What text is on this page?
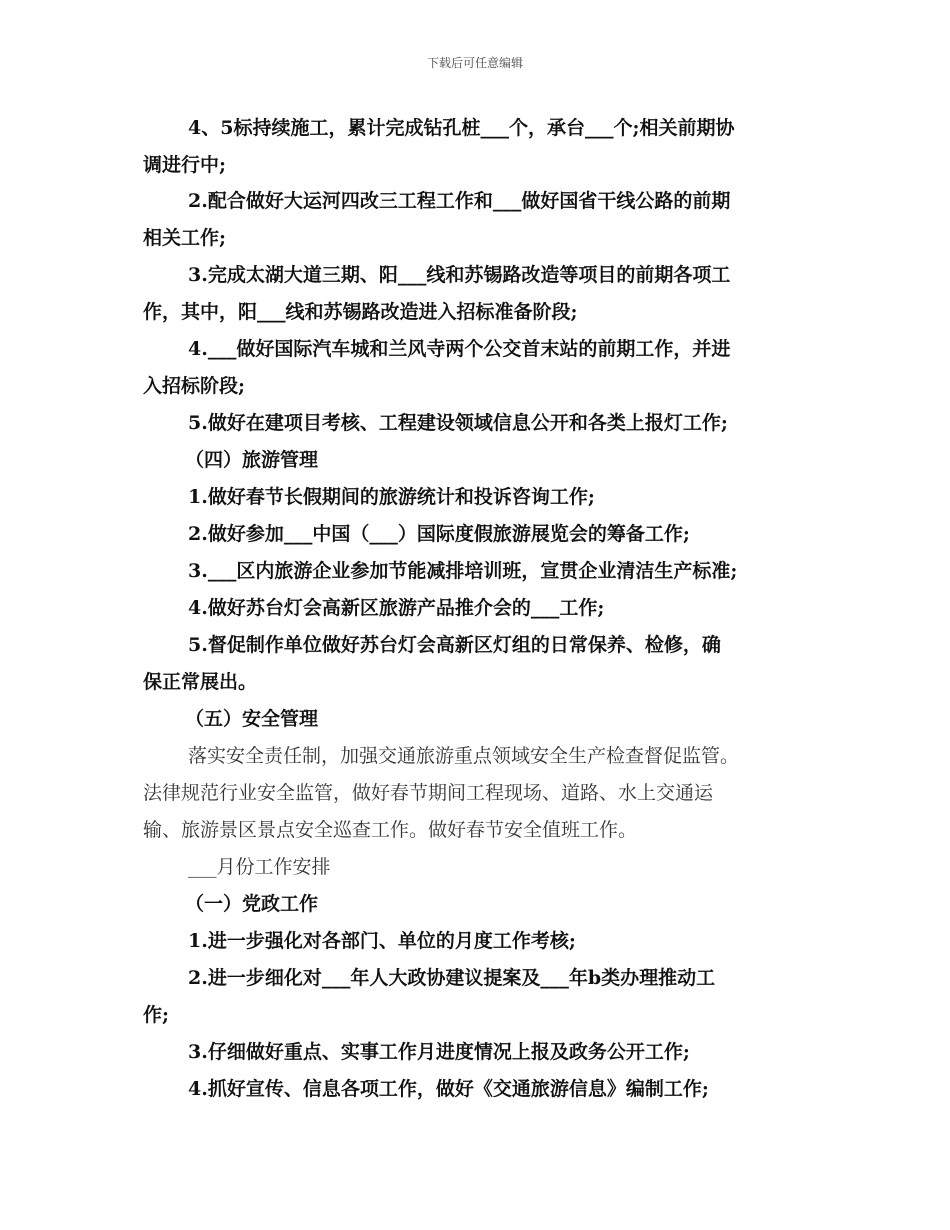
下载后可任意编辑
4、5标持续施工，累计完成钻孔桩___个，承台___个;相关前期协
调进行中;
2.配合做好大运河四改三工程工作和___做好国省干线公路的前期
相关工作;
3.完成太湖大道三期、阳___线和苏锡路改造等项目的前期各项工
作，其中，阳___线和苏锡路改造进入招标准备阶段;
4.___做好国际汽车城和兰风寺两个公交首末站的前期工作，并进
入招标阶段;
5.做好在建项目考核、工程建设领域信息公开和各类上报灯工作;
（四）旅游管理
1.做好春节长假期间的旅游统计和投诉咨询工作;
2.做好参加___中国（___）国际度假旅游展览会的筹备工作;
3.___区内旅游企业参加节能减排培训班，宣贯企业清洁生产标准;
4.做好苏台灯会高新区旅游产品推介会的___工作;
5.督促制作单位做好苏台灯会高新区灯组的日常保养、检修，确
保正常展出。
（五）安全管理
落实安全责任制，加强交通旅游重点领域安全生产检查督促监管。
法律规范行业安全监管，做好春节期间工程现场、道路、水上交通运
输、旅游景区景点安全巡查工作。做好春节安全值班工作。
___月份工作安排
（一）党政工作
1.进一步强化对各部门、单位的月度工作考核;
2.进一步细化对___年人大政协建议提案及___年b类办理推动工
作;
3.仔细做好重点、实事工作月进度情况上报及政务公开工作;
4.抓好宣传、信息各项工作，做好《交通旅游信息》编制工作;
